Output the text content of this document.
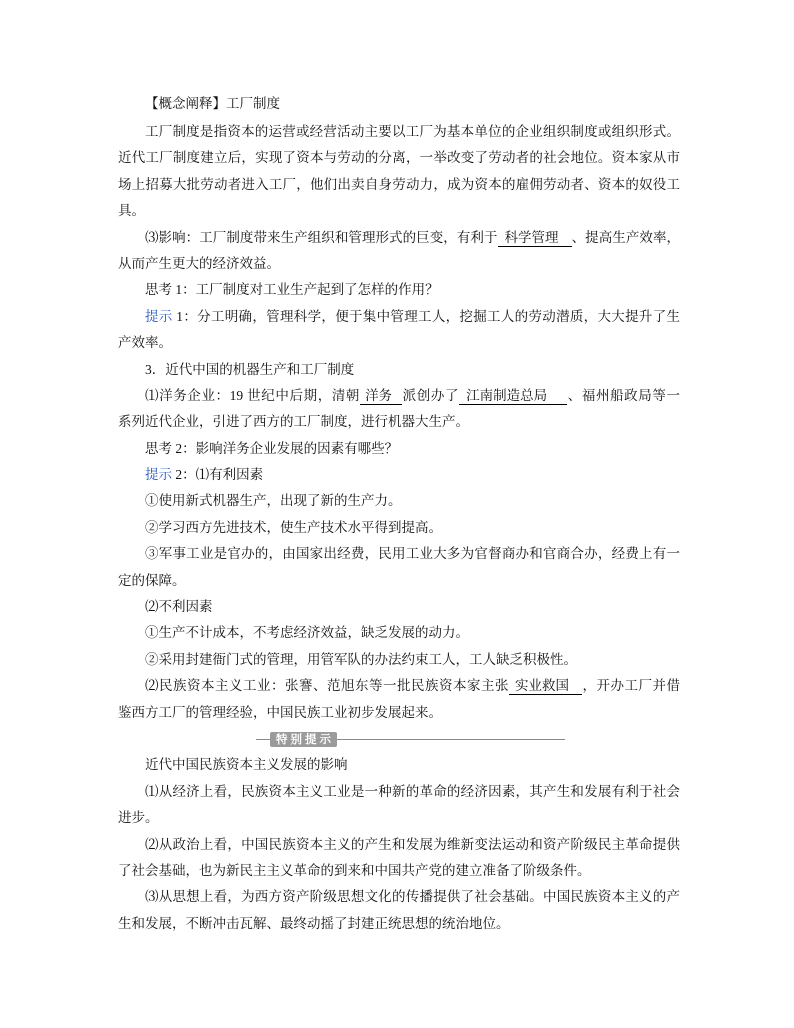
【概念阐释】工厂制度
工厂制度是指资本的运营或经营活动主要以工厂为基本单位的企业组织制度或组织形式。
近代工厂制度建立后，实现了资本与劳动的分离，一举改变了劳动者的社会地位。资本家从市
场上招募大批劳动者进入工厂，他们出卖自身劳动力，成为资本的雇佣劳动者、资本的奴役工
具。
⑶影响：工厂制度带来生产组织和管理形式的巨变，有利于 科学管理 、提高生产效率，
从而产生更大的经济效益。
思考 1：工厂制度对工业生产起到了怎样的作用？
提示 1：分工明确，管理科学，便于集中管理工人，挖掘工人的劳动潜质，大大提升了生
产效率。
3．近代中国的机器生产和工厂制度
⑴洋务企业：19 世纪中后期，清朝 洋务 派创办了 江南制造总局 、福州船政局等一
系列近代企业，引进了西方的工厂制度，进行机器大生产。
思考 2：影响洋务企业发展的因素有哪些？
提示 2：⑴有利因素
①使用新式机器生产，出现了新的生产力。
②学习西方先进技术，使生产技术水平得到提高。
③军事工业是官办的，由国家出经费，民用工业大多为官督商办和官商合办，经费上有一
定的保障。
⑵不利因素
①生产不计成本，不考虑经济效益，缺乏发展的动力。
②采用封建衙门式的管理，用管军队的办法约束工人，工人缺乏积极性。
⑵民族资本主义工业：张謇、范旭东等一批民族资本家主张 实业救国 ，开办工厂并借
鉴西方工厂的管理经验，中国民族工业初步发展起来。
特别提示
近代中国民族资本主义发展的影响
⑴从经济上看，民族资本主义工业是一种新的革命的经济因素，其产生和发展有利于社会
进步。
⑵从政治上看，中国民族资本主义的产生和发展为维新变法运动和资产阶级民主革命提供
了社会基础，也为新民主主义革命的到来和中国共产党的建立准备了阶级条件。
⑶从思想上看，为西方资产阶级思想文化的传播提供了社会基础。中国民族资本主义的产
生和发展，不断冲击瓦解、最终动摇了封建正统思想的统治地位。
